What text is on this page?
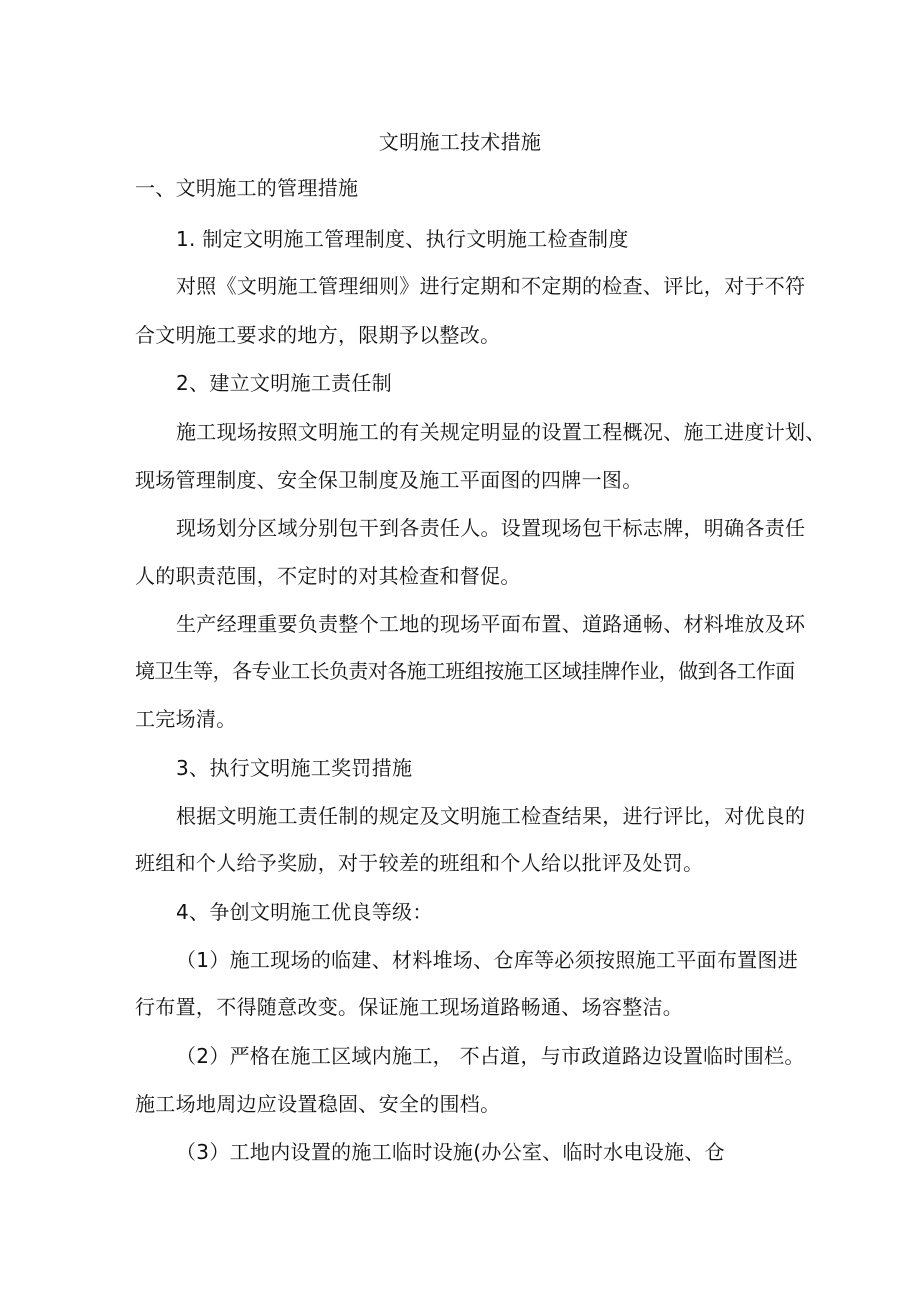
文明施工技术措施
一、文明施工的管理措施
1. 制定文明施工管理制度、执行文明施工检查制度
对照《文明施工管理细则》进行定期和不定期的检查、评比，对于不符
合文明施工要求的地方，限期予以整改。
2、建立文明施工责任制
施工现场按照文明施工的有关规定明显的设置工程概况、施工进度计划、
现场管理制度、安全保卫制度及施工平面图的四牌一图。
现场划分区域分别包干到各责任人。设置现场包干标志牌，明确各责任
人的职责范围，不定时的对其检查和督促。
生产经理重要负责整个工地的现场平面布置、道路通畅、材料堆放及环
境卫生等，各专业工长负责对各施工班组按施工区域挂牌作业，做到各工作面
工完场清。
3、执行文明施工奖罚措施
根据文明施工责任制的规定及文明施工检查结果，进行评比，对优良的
班组和个人给予奖励，对于较差的班组和个人给以批评及处罚。
4、争创文明施工优良等级：
（1）施工现场的临建、材料堆场、仓库等必须按照施工平面布置图进
行布置，不得随意改变。保证施工现场道路畅通、场容整洁。
（2）严格在施工区域内施工， 不占道，与市政道路边设置临时围栏。
施工场地周边应设置稳固、安全的围档。
（3）工地内设置的施工临时设施(办公室、临时水电设施、仓
